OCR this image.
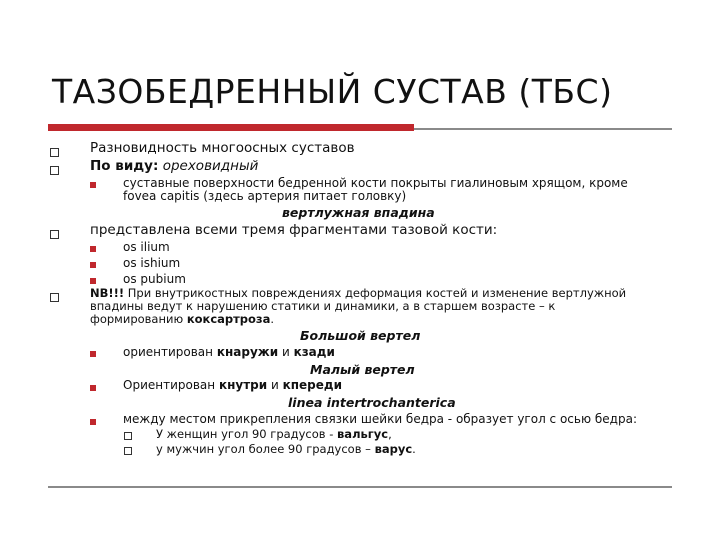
ТАЗОБЕДРЕННЫЙ СУСТАВ (ТБС)

Разновидность многоосных суставов

По виду: ореховидный

суставные поверхности бедренной кости покрыты гиалиновым хрящом, кроме

fovea capitis (здесь артерия питает головку)

вертлужная впадина

представлена всеми тремя фрагментами тазовой кости:

os ilium

os ishium

os pubium

NB!!! При внутрикостных повреждениях деформация костей и изменение вертлужной

впадины ведут к нарушению статики и динамики, а в старшем возрасте – к

формированию коксартроза.

Большой вертел

ориентирован кнаружи и кзади

Малый вертел

Ориентирован кнутри и кпереди

linea intertrochanterica

между местом прикрепления связки шейки бедра - образует угол с осью бедра:

У женщин угол 90 градусов - вальгус,

у мужчин угол более 90 градусов – варус.
